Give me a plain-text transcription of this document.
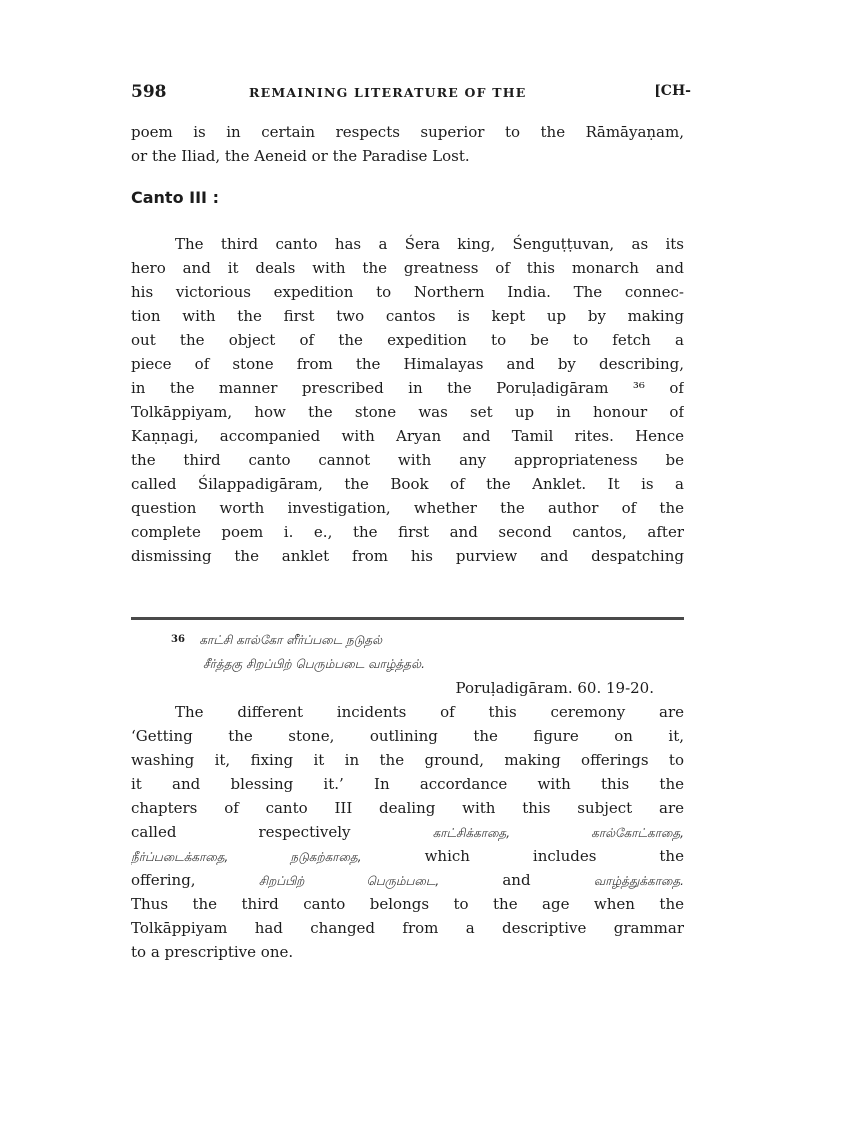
598	REMAINING LITERATURE OF THE	[CH-
poem is in certain respects superior to the Rāmāyaṇam,
or the Iliad, the Aeneid or the Paradise Lost.
Canto III :
The third canto has a Śera king, Śenguṭṭuvan, as its
hero and it deals with the greatness of this monarch and
his victorious expedition to Northern India. The connec-
tion with the first two cantos is kept up by making
out the object of the expedition to be to fetch a
piece of stone from the Himalayas and by describing,
in the manner prescribed in the Poruḷadigāram ³⁶ of
Tolkāppiyam, how the stone was set up in honour of
Kaṇṇagi, accompanied with Aryan and Tamil rites. Hence
the third canto cannot with any appropriateness be
called Śilappadigāram, the Book of the Anklet. It is a
question worth investigation, whether the author of the
complete poem i. e., the first and second cantos, after
dismissing the anklet from his purview and despatching
$^{36}$ காட்சி கால்கோ ளீர்ப்படை நடுதல்
சீர்த்தகு சிறப்பிற் பெரும்படை வாழ்த்தல்.
Poruḷadigāram. 60. 19-20.
The different incidents of this ceremony are
‘Getting the stone, outlining the figure on it,
washing it, fixing it in the ground, making offerings to
it and blessing it.’ In accordance with this the
chapters of canto III dealing with this subject are
called respectively	காட்சிக்காதை, கால்கோட்காதை,
நீர்ப்படைக்காதை, நடுகற்காதை,	which includes the
offering,	சிறப்பிற் பெரும்படை,	and	வாழ்த்துக்காதை.
Thus the third canto belongs to the age when the
Tolkāppiyam had changed from a descriptive grammar
to a prescriptive one.
